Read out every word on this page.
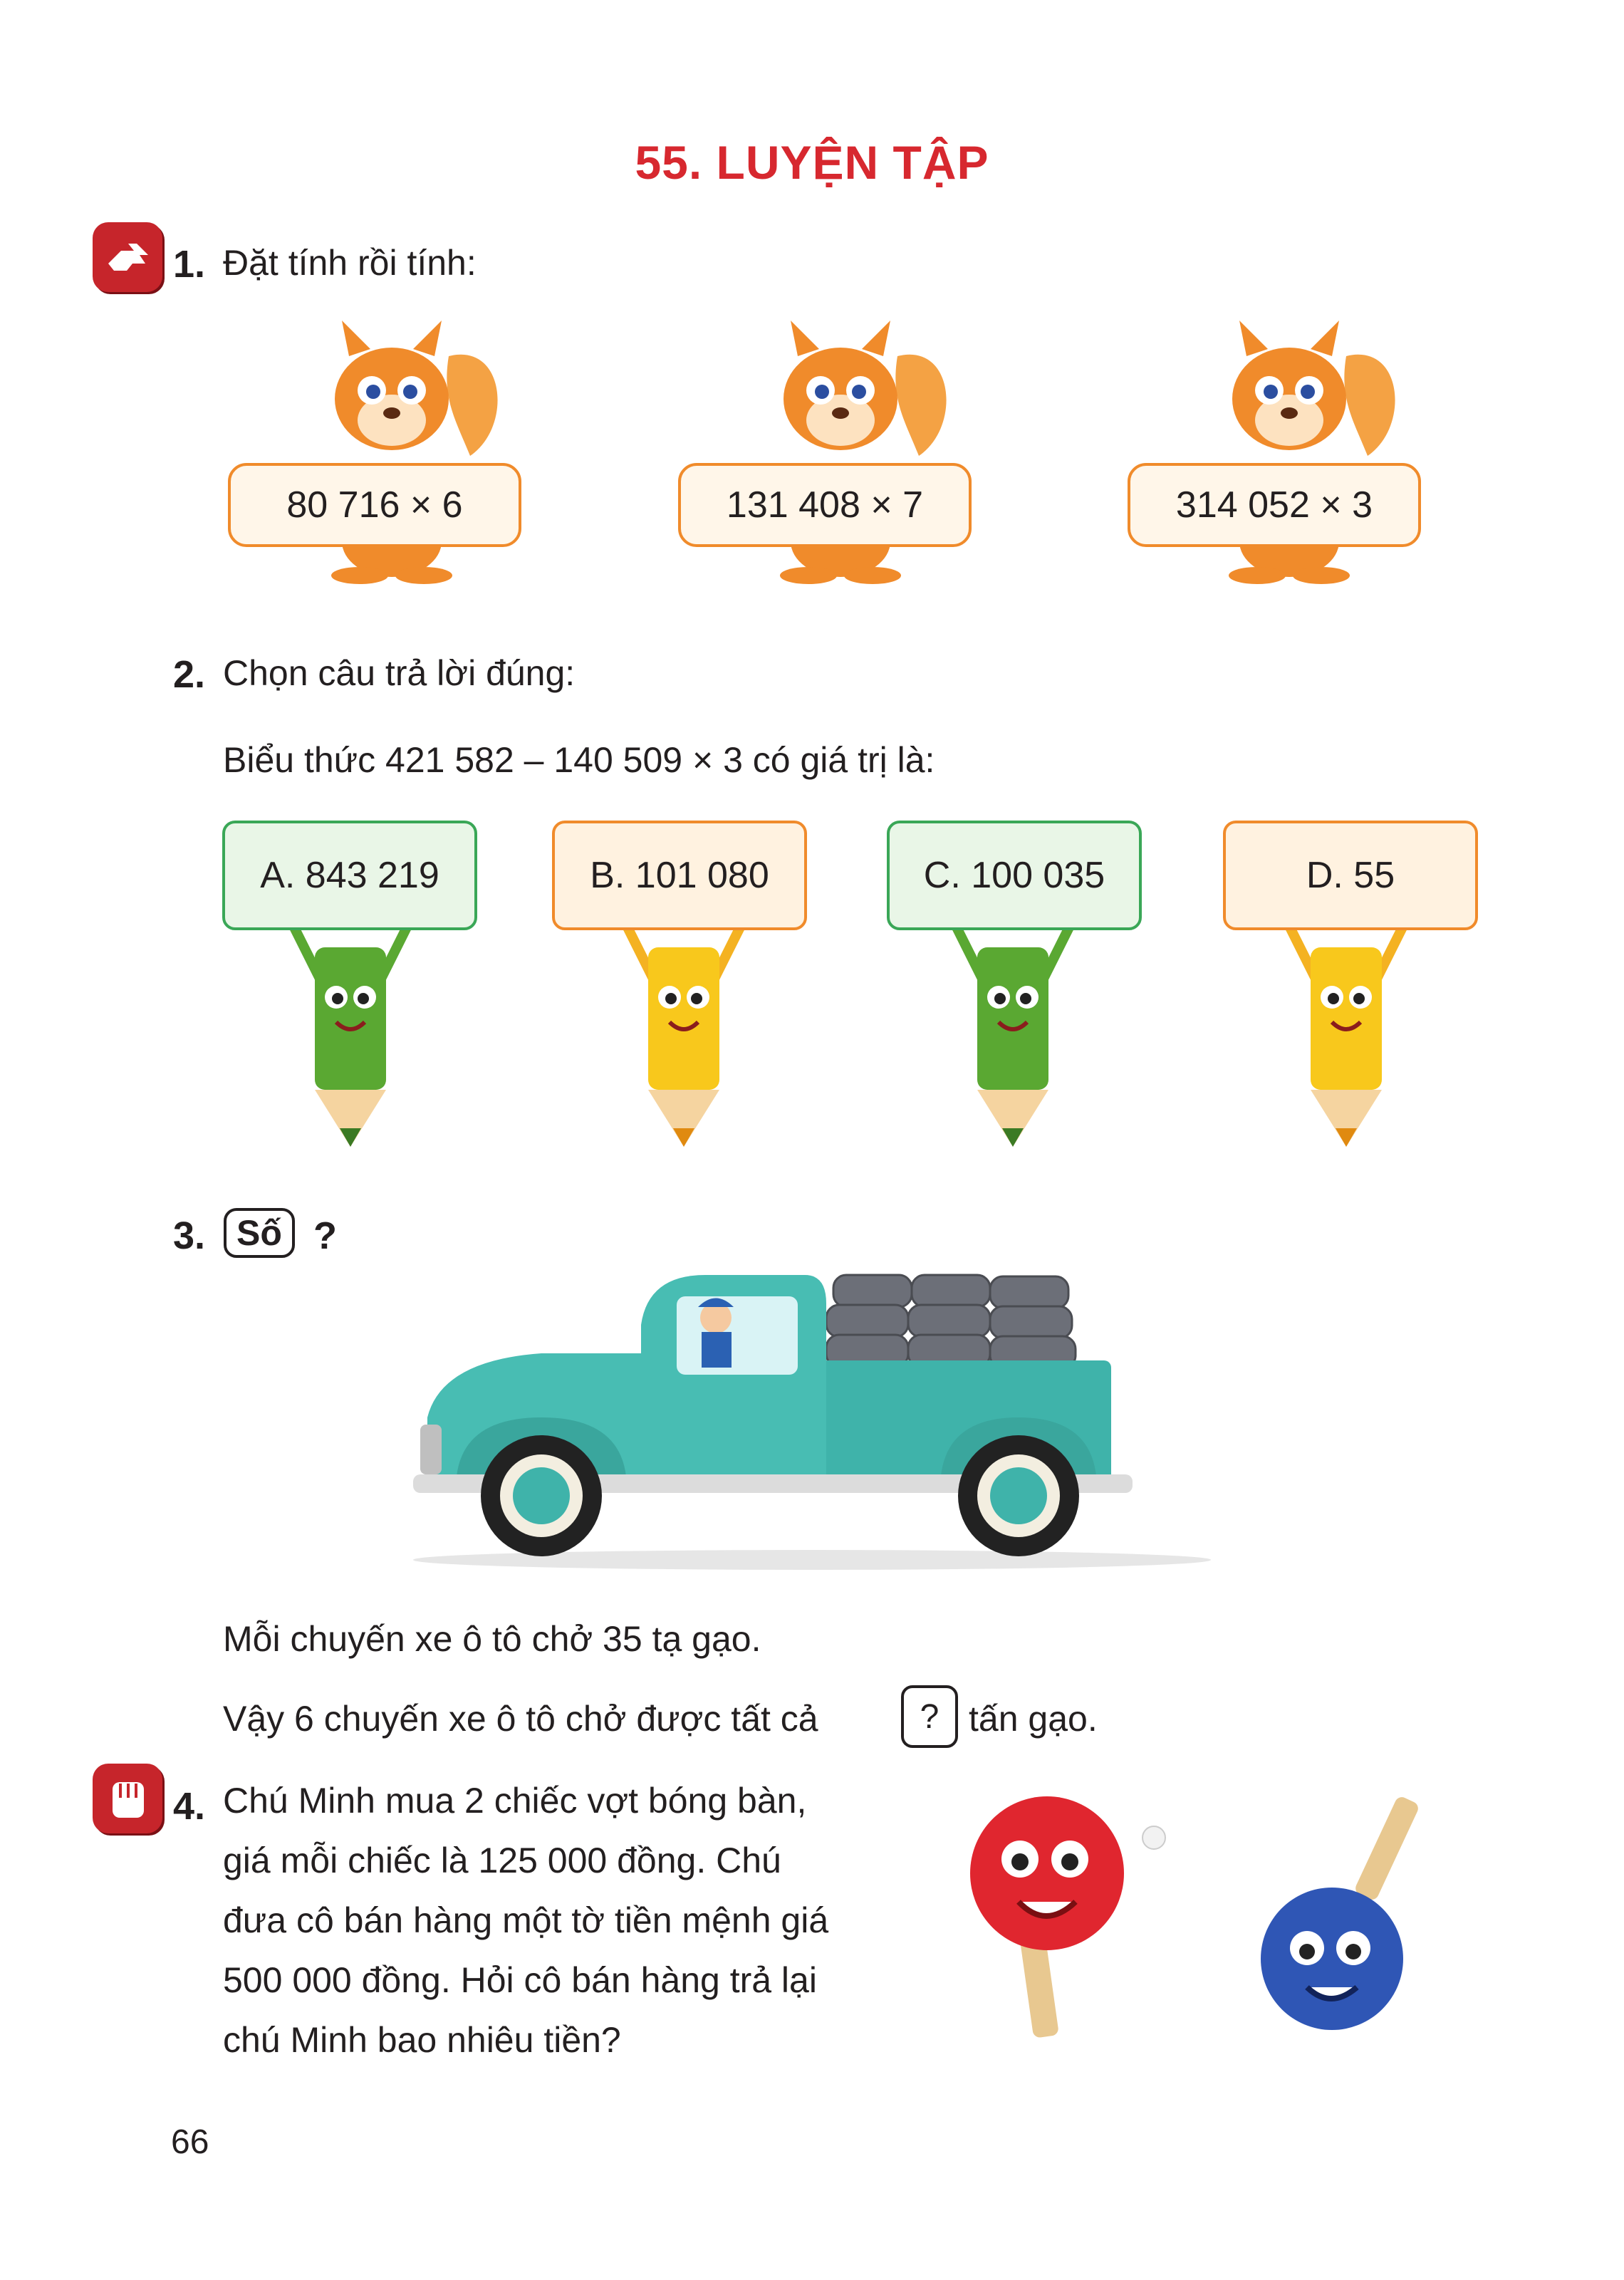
55. LUYỆN TẬP
1. Đặt tính rồi tính:
80 716 × 6	131 408 × 7	314 052 × 3
2. Chọn câu trả lời đúng:
Biểu thức 421 582 – 140 509 × 3 có giá trị là:
A. 843 219	B. 101 080	C. 100 035	D. 55
3. Số ?
Mỗi chuyến xe ô tô chở 35 tạ gạo.
Vậy 6 chuyến xe ô tô chở được tất cả	? tấn gạo.
4. Chú Minh mua 2 chiếc vợt bóng bàn,
giá mỗi chiếc là 125 000 đồng. Chú
đưa cô bán hàng một tờ tiền mệnh giá
500 000 đồng. Hỏi cô bán hàng trả lại
chú Minh bao nhiêu tiền?
66
